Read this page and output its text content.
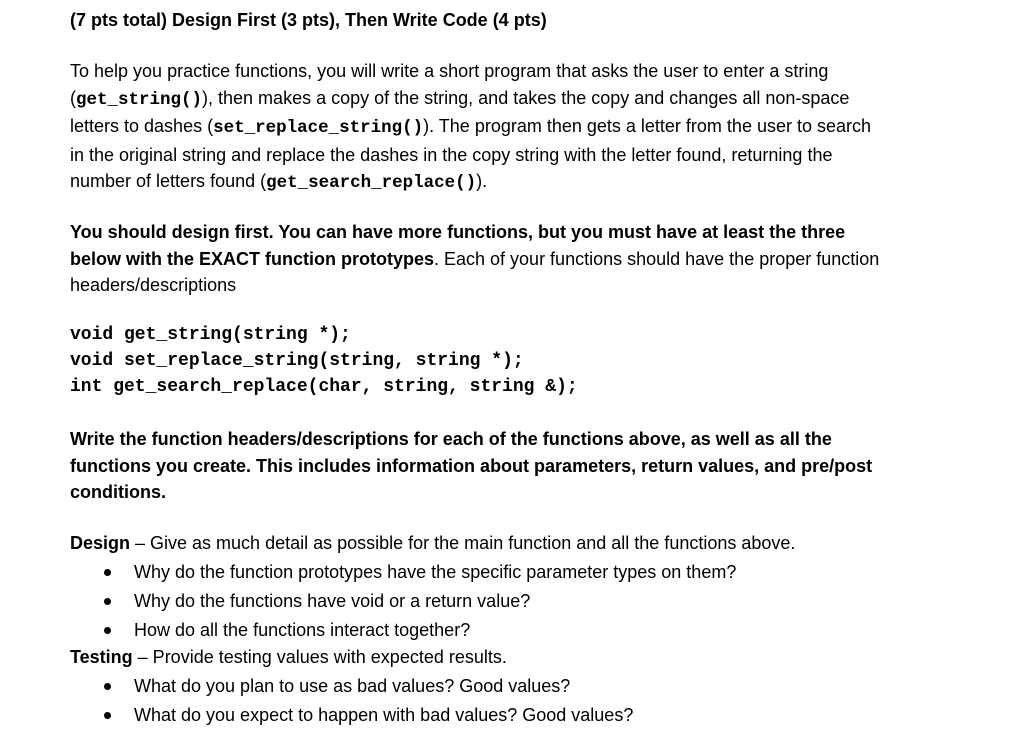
(7 pts total) Design First (3 pts), Then Write Code (4 pts)
To help you practice functions, you will write a short program that asks the user to enter a string
(get_string()), then makes a copy of the string, and takes the copy and changes all non-space
letters to dashes (set_replace_string()). The program then gets a letter from the user to search
in the original string and replace the dashes in the copy string with the letter found, returning the
number of letters found (get_search_replace()).
You should design first. You can have more functions, but you must have at least the three
below with the EXACT function prototypes. Each of your functions should have the proper function
headers/descriptions
void get_string(string *);
void set_replace_string(string, string *);
int get_search_replace(char, string, string &);
Write the function headers/descriptions for each of the functions above, as well as all the
functions you create. This includes information about parameters, return values, and pre/post
conditions.
Design – Give as much detail as possible for the main function and all the functions above.
Why do the function prototypes have the specific parameter types on them?
Why do the functions have void or a return value?
How do all the functions interact together?
Testing – Provide testing values with expected results.
What do you plan to use as bad values? Good values?
What do you expect to happen with bad values? Good values?
